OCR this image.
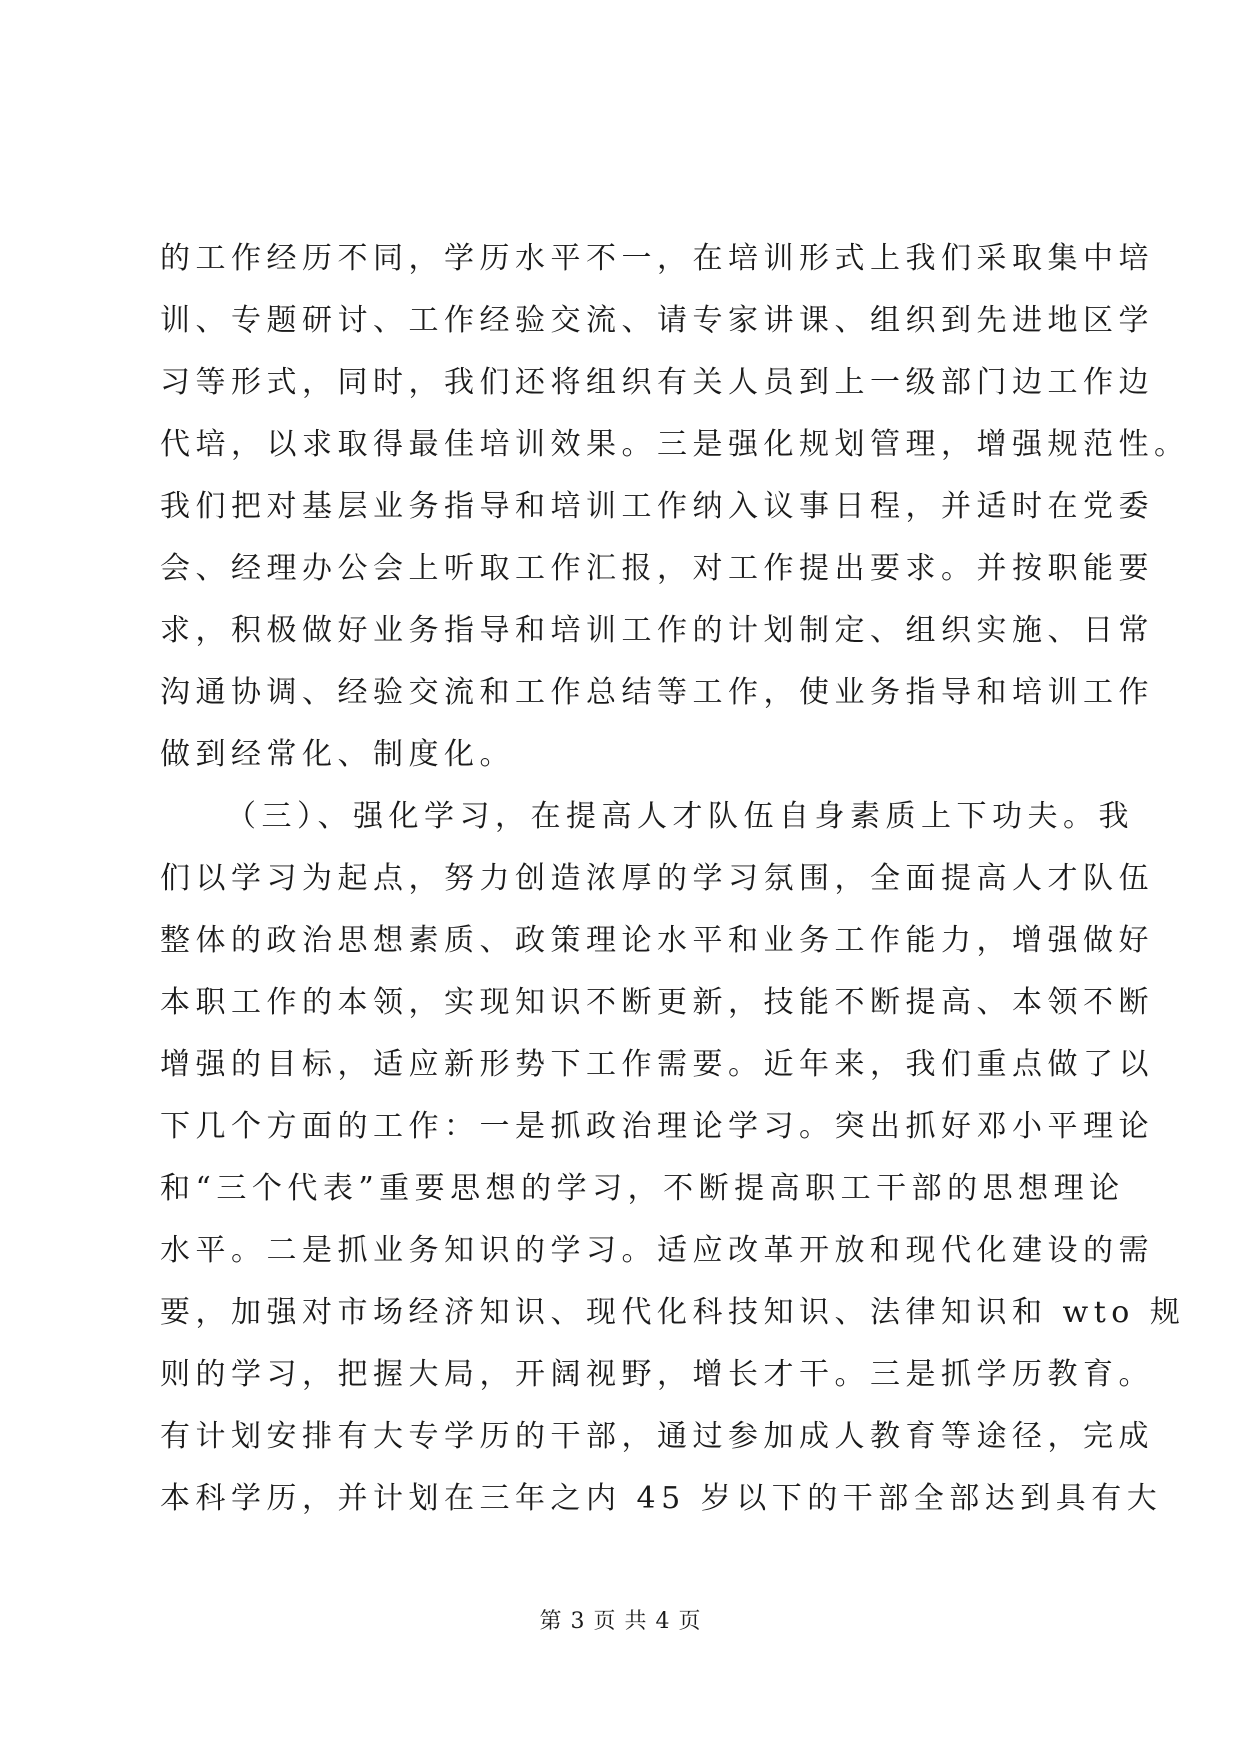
的工作经历不同，学历水平不一，在培训形式上我们采取集中培
训、专题研讨、工作经验交流、请专家讲课、组织到先进地区学
习等形式，同时，我们还将组织有关人员到上一级部门边工作边
代培，以求取得最佳培训效果。三是强化规划管理，增强规范性。
我们把对基层业务指导和培训工作纳入议事日程，并适时在党委
会、经理办公会上听取工作汇报，对工作提出要求。并按职能要
求，积极做好业务指导和培训工作的计划制定、组织实施、日常
沟通协调、经验交流和工作总结等工作，使业务指导和培训工作
做到经常化、制度化。
（三）、强化学习，在提高人才队伍自身素质上下功夫。我
们以学习为起点，努力创造浓厚的学习氛围，全面提高人才队伍
整体的政治思想素质、政策理论水平和业务工作能力，增强做好
本职工作的本领，实现知识不断更新，技能不断提高、本领不断
增强的目标，适应新形势下工作需要。近年来，我们重点做了以
下几个方面的工作：一是抓政治理论学习。突出抓好邓小平理论
和“三个代表”重要思想的学习，不断提高职工干部的思想理论
水平。二是抓业务知识的学习。适应改革开放和现代化建设的需
要，加强对市场经济知识、现代化科技知识、法律知识和 wto 规
则的学习，把握大局，开阔视野，增长才干。三是抓学历教育。
有计划安排有大专学历的干部，通过参加成人教育等途径，完成
本科学历，并计划在三年之内 45 岁以下的干部全部达到具有大
第 3 页 共 4 页
